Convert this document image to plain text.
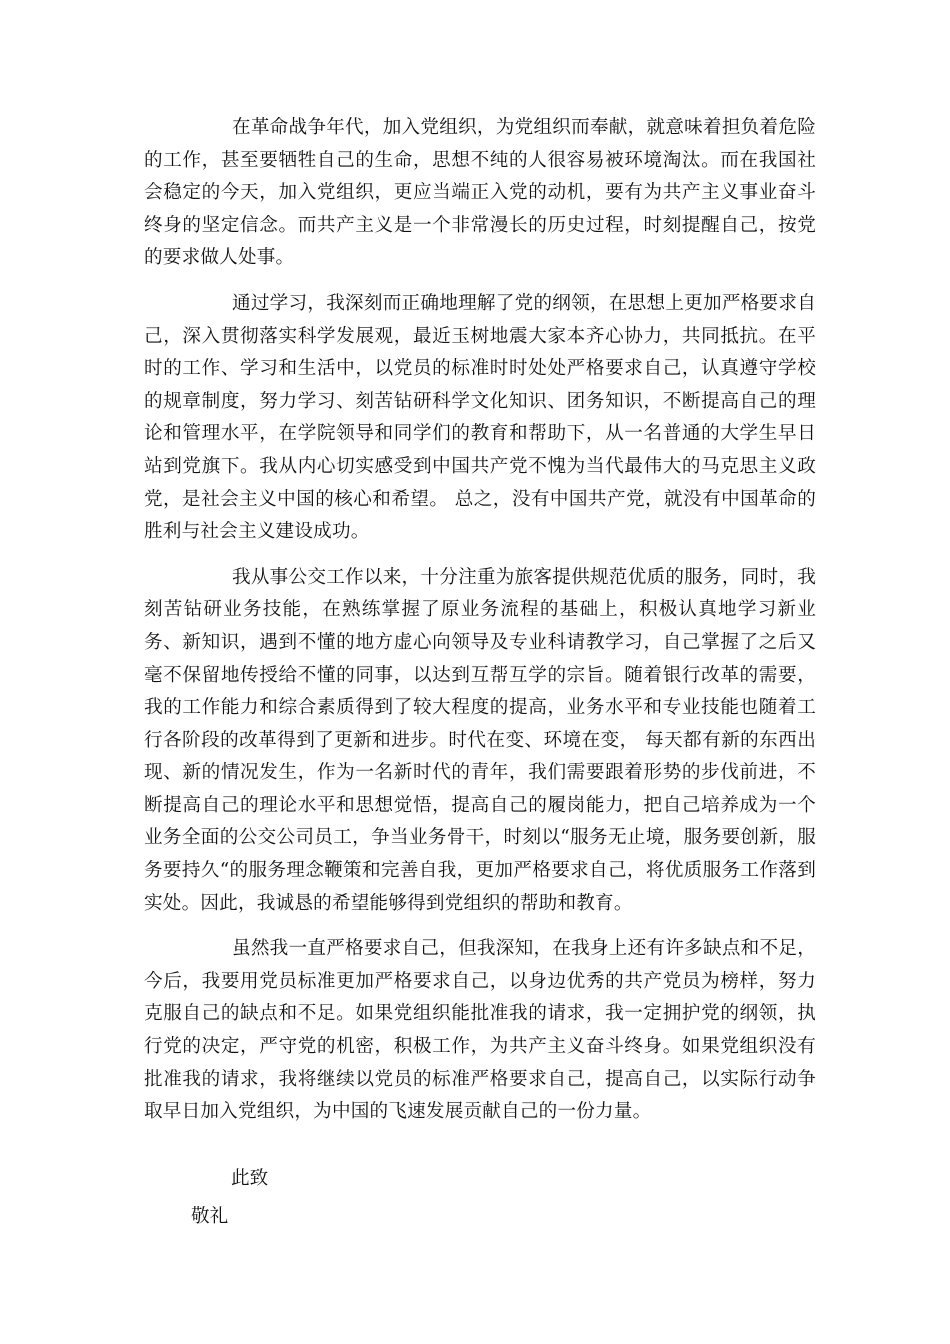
在革命战争年代，加入党组织，为党组织而奉献，就意味着担负着危险的工作，甚至要牺牲自己的生命，思想不纯的人很容易被环境淘汰。而在我国社会稳定的今天，加入党组织，更应当端正入党的动机，要有为共产主义事业奋斗终身的坚定信念。而共产主义是一个非常漫长的历史过程，时刻提醒自己，按党的要求做人处事。

通过学习，我深刻而正确地理解了党的纲领，在思想上更加严格要求自己，深入贯彻落实科学发展观，最近玉树地震大家本齐心协力，共同抵抗。在平时的工作、学习和生活中，以党员的标准时时处处严格要求自己，认真遵守学校的规章制度，努力学习、刻苦钻研科学文化知识、团务知识，不断提高自己的理论和管理水平，在学院领导和同学们的教育和帮助下，从一名普通的大学生早日站到党旗下。我从内心切实感受到中国共产党不愧为当代最伟大的马克思主义政党，是社会主义中国的核心和希望。 总之，没有中国共产党，就没有中国革命的胜利与社会主义建设成功。

我从事公交工作以来，十分注重为旅客提供规范优质的服务，同时，我刻苦钻研业务技能，在熟练掌握了原业务流程的基础上，积极认真地学习新业务、新知识，遇到不懂的地方虚心向领导及专业科请教学习，自己掌握了之后又毫不保留地传授给不懂的同事，以达到互帮互学的宗旨。随着银行改革的需要，我的工作能力和综合素质得到了较大程度的提高，业务水平和专业技能也随着工行各阶段的改革得到了更新和进步。时代在变、环境在变， 每天都有新的东西出现、新的情况发生，作为一名新时代的青年，我们需要跟着形势的步伐前进，不断提高自己的理论水平和思想觉悟，提高自己的履岗能力，把自己培养成为一个业务全面的公交公司员工，争当业务骨干，时刻以“服务无止境，服务要创新，服务要持久“的服务理念鞭策和完善自我，更加严格要求自己，将优质服务工作落到实处。因此，我诚恳的希望能够得到党组织的帮助和教育。

虽然我一直严格要求自己，但我深知，在我身上还有许多缺点和不足，今后，我要用党员标准更加严格要求自己，以身边优秀的共产党员为榜样，努力克服自己的缺点和不足。如果党组织能批准我的请求，我一定拥护党的纲领，执行党的决定，严守党的机密，积极工作，为共产主义奋斗终身。如果党组织没有批准我的请求，我将继续以党员的标准严格要求自己，提高自己，以实际行动争取早日加入党组织，为中国的飞速发展贡献自己的一份力量。

此致

敬礼
